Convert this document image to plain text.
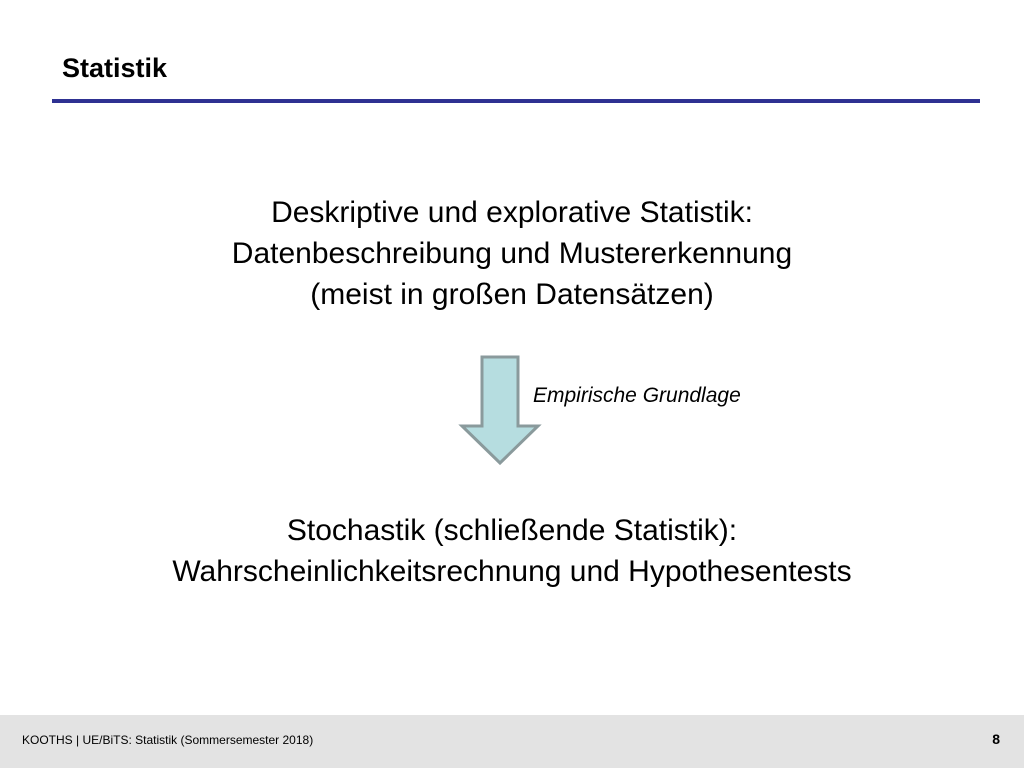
Statistik
Deskriptive und explorative Statistik:
Datenbeschreibung und Mustererkennung
(meist in großen Datensätzen)
Empirische Grundlage
Stochastik (schließende Statistik):
Wahrscheinlichkeitsrechnung und Hypothesentests
KOOTHS | UE/BiTS: Statistik (Sommersemester 2018)	8
